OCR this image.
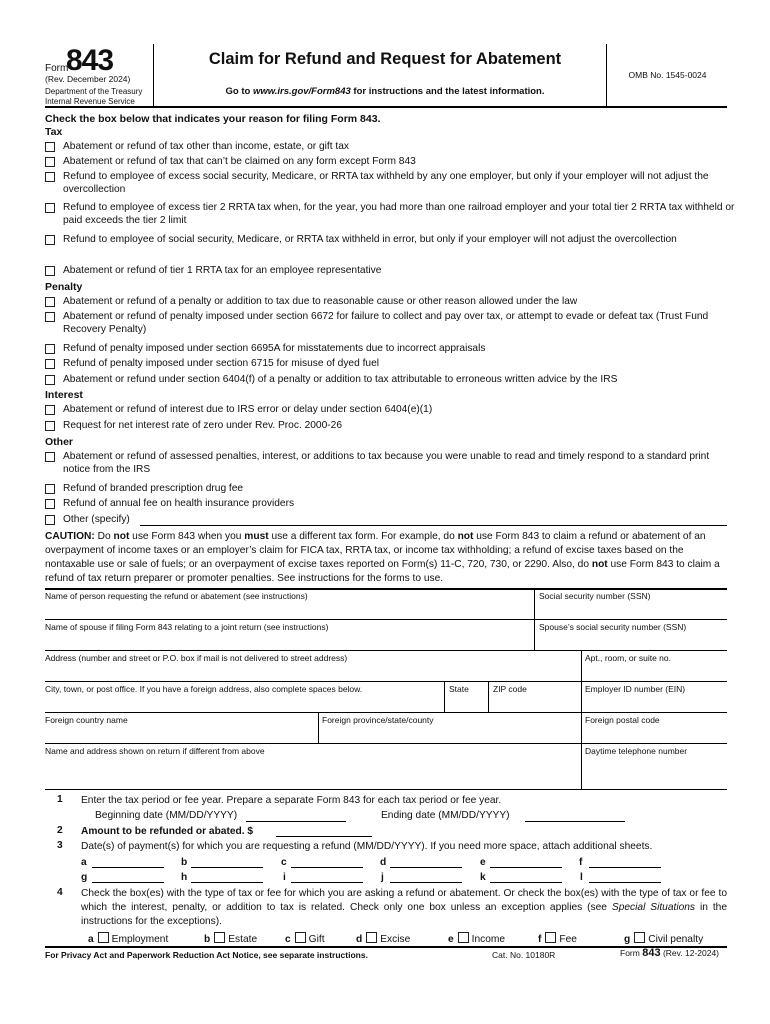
Form
843
(Rev. December 2024)
Department of the Treasury
Internal Revenue Service
Claim for Refund and Request for Abatement
Go to www.irs.gov/Form843 for instructions and the latest information.
OMB No. 1545-0024
Check the box below that indicates your reason for filing Form 843.
Tax
Abatement or refund of tax other than income, estate, or gift tax
Abatement or refund of tax that can’t be claimed on any form except Form 843
Refund to employee of excess social security, Medicare, or RRTA tax withheld by any one employer, but only if your employer will not adjust the overcollection
Refund to employee of excess tier 2 RRTA tax when, for the year, you had more than one railroad employer and your total tier 2 RRTA tax withheld or paid exceeds the tier 2 limit
Refund to employee of social security, Medicare, or RRTA tax withheld in error, but only if your employer will not adjust the overcollection
Abatement or refund of tier 1 RRTA tax for an employee representative
Penalty
Abatement or refund of a penalty or addition to tax due to reasonable cause or other reason allowed under the law
Abatement or refund of penalty imposed under section 6672 for failure to collect and pay over tax, or attempt to evade or defeat tax (Trust Fund Recovery Penalty)
Refund of penalty imposed under section 6695A for misstatements due to incorrect appraisals
Refund of penalty imposed under section 6715 for misuse of dyed fuel
Abatement or refund under section 6404(f) of a penalty or addition to tax attributable to erroneous written advice by the IRS
Interest
Abatement or refund of interest due to IRS error or delay under section 6404(e)(1)
Request for net interest rate of zero under Rev. Proc. 2000-26
Other
Abatement or refund of assessed penalties, interest, or additions to tax because you were unable to read and timely respond to a standard print notice from the IRS
Refund of branded prescription drug fee
Refund of annual fee on health insurance providers
Other (specify)
CAUTION: Do not use Form 843 when you must use a different tax form. For example, do not use Form 843 to claim a refund or abatement of an overpayment of income taxes or an employer’s claim for FICA tax, RRTA tax, or income tax withholding; a refund of excise taxes based on the nontaxable use or sale of fuels; or an overpayment of excise taxes reported on Form(s) 11-C, 720, 730, or 2290. Also, do not use Form 843 to claim a refund of tax return preparer or promoter penalties. See instructions for the forms to use.
Name of person requesting the refund or abatement (see instructions)	Social security number (SSN)
Name of spouse if filing Form 843 relating to a joint return (see instructions)	Spouse’s social security number (SSN)
Address (number and street or P.O. box if mail is not delivered to street address)	Apt., room, or suite no.
City, town, or post office. If you have a foreign address, also complete spaces below.	State	ZIP code	Employer ID number (EIN)
Foreign country name	Foreign province/state/county	Foreign postal code
Name and address shown on return if different from above	Daytime telephone number
1 Enter the tax period or fee year. Prepare a separate Form 843 for each tax period or fee year.
Beginning date (MM/DD/YYYY)	Ending date (MM/DD/YYYY)
2 Amount to be refunded or abated. $
3 Date(s) of payment(s) for which you are requesting a refund (MM/DD/YYYY). If you need more space, attach additional sheets.
a	b	c	d	e	f
g	h	i	j	k	l
4 Check the box(es) with the type of tax or fee for which you are asking a refund or abatement. Or check the box(es) with the type of tax or fee to which the interest, penalty, or addition to tax is related. Check only one box unless an exception applies (see Special Situations in the instructions for the exceptions).
a Employment	b Estate	c Gift	d Excise	e Income	f Fee	g Civil penalty
For Privacy Act and Paperwork Reduction Act Notice, see separate instructions.	Cat. No. 10180R	Form 843 (Rev. 12-2024)
